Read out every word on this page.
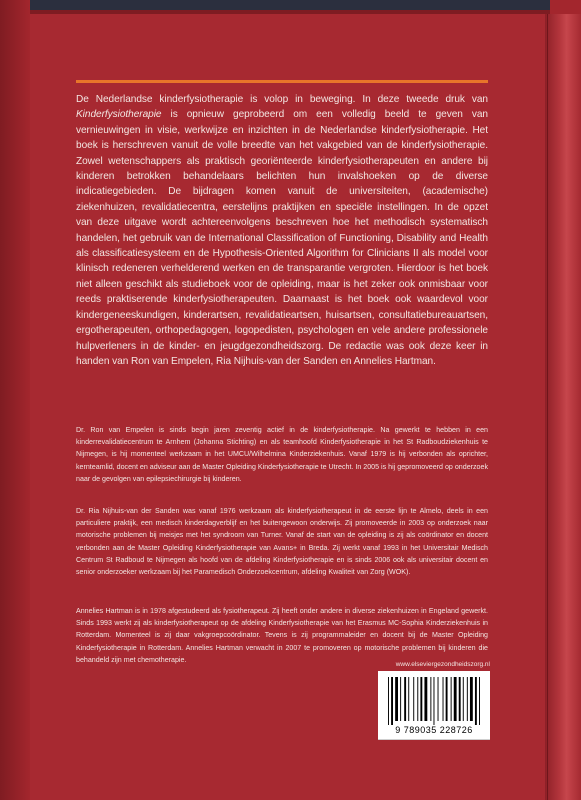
De Nederlandse kinderfysiotherapie is volop in beweging. In deze tweede druk van Kinderfysiotherapie is opnieuw geprobeerd om een volledig beeld te geven van vernieuwingen in visie, werkwijze en inzichten in de Nederlandse kinderfysiotherapie. Het boek is herschreven vanuit de volle breedte van het vakgebied van de kinderfysiotherapie. Zowel wetenschappers als praktisch georiënteerde kinderfysiotherapeuten en andere bij kinderen betrokken behandelaars belichten hun invalshoeken op de diverse indicatiegebieden. De bijdragen komen vanuit de universiteiten, (academische) ziekenhuizen, revalidatiecentra, eerstelijns praktijken en speciële instellingen. In de opzet van deze uitgave wordt achtereenvolgens beschreven hoe het methodisch systematisch handelen, het gebruik van de International Classification of Functioning, Disability and Health als classificatiesysteem en de Hypothesis-Oriented Algorithm for Clinicians II als model voor klinisch redeneren verhelderend werken en de transparantie vergroten. Hierdoor is het boek niet alleen geschikt als studieboek voor de opleiding, maar is het zeker ook onmisbaar voor reeds praktiserende kinderfysiotherapeuten. Daarnaast is het boek ook waardevol voor kindergeneeskundigen, kinderartsen, revalidatieartsen, huisartsen, consultatiebureauartsen, ergotherapeuten, orthopedagogen, logopedisten, psychologen en vele andere professionele hulpverleners in de kinder- en jeugdgezondheidszorg. De redactie was ook deze keer in handen van Ron van Empelen, Ria Nijhuis-van der Sanden en Annelies Hartman.

Dr. Ron van Empelen is sinds begin jaren zeventig actief in de kinderfysiotherapie. Na gewerkt te hebben in een kinderrevalidatiecentrum te Arnhem (Johanna Stichting) en als teamhoofd Kinderfysiotherapie in het St Radboudziekenhuis te Nijmegen, is hij momenteel werkzaam in het UMCU/Wilhelmina Kinderziekenhuis. Vanaf 1979 is hij verbonden als oprichter, kernteamlid, docent en adviseur aan de Master Opleiding Kinderfysiotherapie te Utrecht. In 2005 is hij gepromoveerd op onderzoek naar de gevolgen van epilepsiechirurgie bij kinderen.

Dr. Ria Nijhuis-van der Sanden was vanaf 1976 werkzaam als kinderfysiotherapeut in de eerste lijn te Almelo, deels in een particuliere praktijk, een medisch kinderdagverblijf en het buitengewoon onderwijs. Zij promoveerde in 2003 op onderzoek naar motorische problemen bij meisjes met het syndroom van Turner. Vanaf de start van de opleiding is zij als coördinator en docent verbonden aan de Master Opleiding Kinderfysiotherapie van Avans+ in Breda. Zij werkt vanaf 1993 in het Universitair Medisch Centrum St Radboud te Nijmegen als hoofd van de afdeling Kinderfysiotherapie en is sinds 2006 ook als universitair docent en senior onderzoeker werkzaam bij het Paramedisch Onderzoekcentrum, afdeling Kwaliteit van Zorg (WOK).

Annelies Hartman is in 1978 afgestudeerd als fysiotherapeut. Zij heeft onder andere in diverse ziekenhuizen in Engeland gewerkt. Sinds 1993 werkt zij als kinderfysiotherapeut op de afdeling Kinderfysiotherapie van het Erasmus MC-Sophia Kinderziekenhuis in Rotterdam. Momenteel is zij daar vakgroepcoördinator. Tevens is zij programmaleider en docent bij de Master Opleiding Kinderfysiotherapie in Rotterdam. Annelies Hartman verwacht in 2007 te promoveren op motorische problemen bij kinderen die behandeld zijn met chemotherapie.

www.elseviergezondheidszorg.nl
9 789035 228726
